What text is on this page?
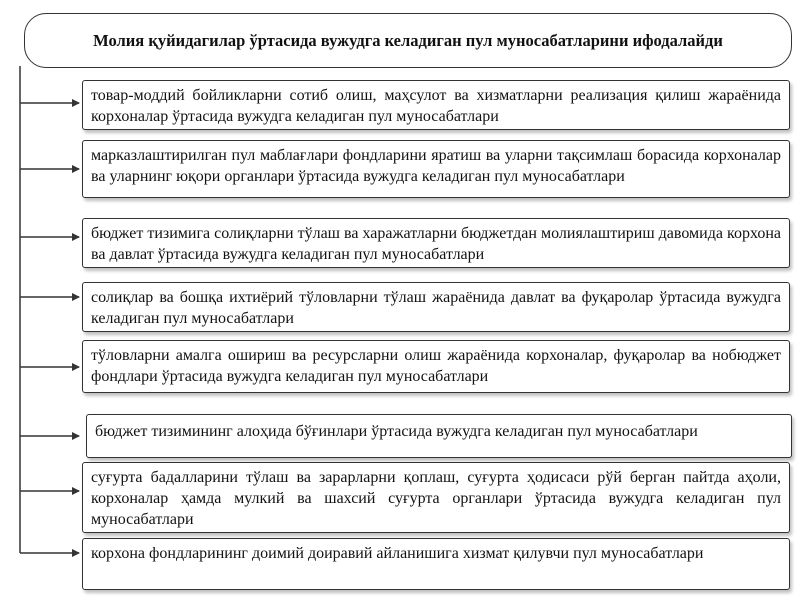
Молия қуйидагилар ўртасида вужудга келадиган пул муносабатларини ифодалайди
товар-моддий бойликларни сотиб олиш, маҳсулот ва хизматларни реализация қилиш жараёнида корхоналар ўртасида вужудга келадиган пул муносабатлари
марказлаштирилган пул маблағлари фондларини яратиш ва уларни тақсимлаш борасида корхоналар ва уларнинг юқори органлари ўртасида вужудга келадиган пул муносабатлари
бюджет тизимига солиқларни тўлаш ва харажатларни бюджетдан молиялаштириш давомида корхона ва давлат ўртасида вужудга келадиган пул муносабатлари
солиқлар ва бошқа ихтиёрий тўловларни тўлаш жараёнида давлат ва фуқаролар ўртасида вужудга келадиган пул муносабатлари
тўловларни амалга ошириш ва ресурсларни олиш жараёнида корхоналар, фуқаролар ва нобюджет фондлари ўртасида вужудга келадиган пул муносабатлари
бюджет тизимининг алоҳида бўғинлари ўртасида вужудга келадиган пул муносабатлари
суғурта бадалларини тўлаш ва зарарларни қоплаш, суғурта ҳодисаси рўй берган пайтда аҳоли, корхоналар ҳамда мулкий ва шахсий суғурта органлари ўртасида вужудга келадиган пул муносабатлари
корхона фондларининг доимий доиравий айланишига хизмат қилувчи пул муносабатлари
